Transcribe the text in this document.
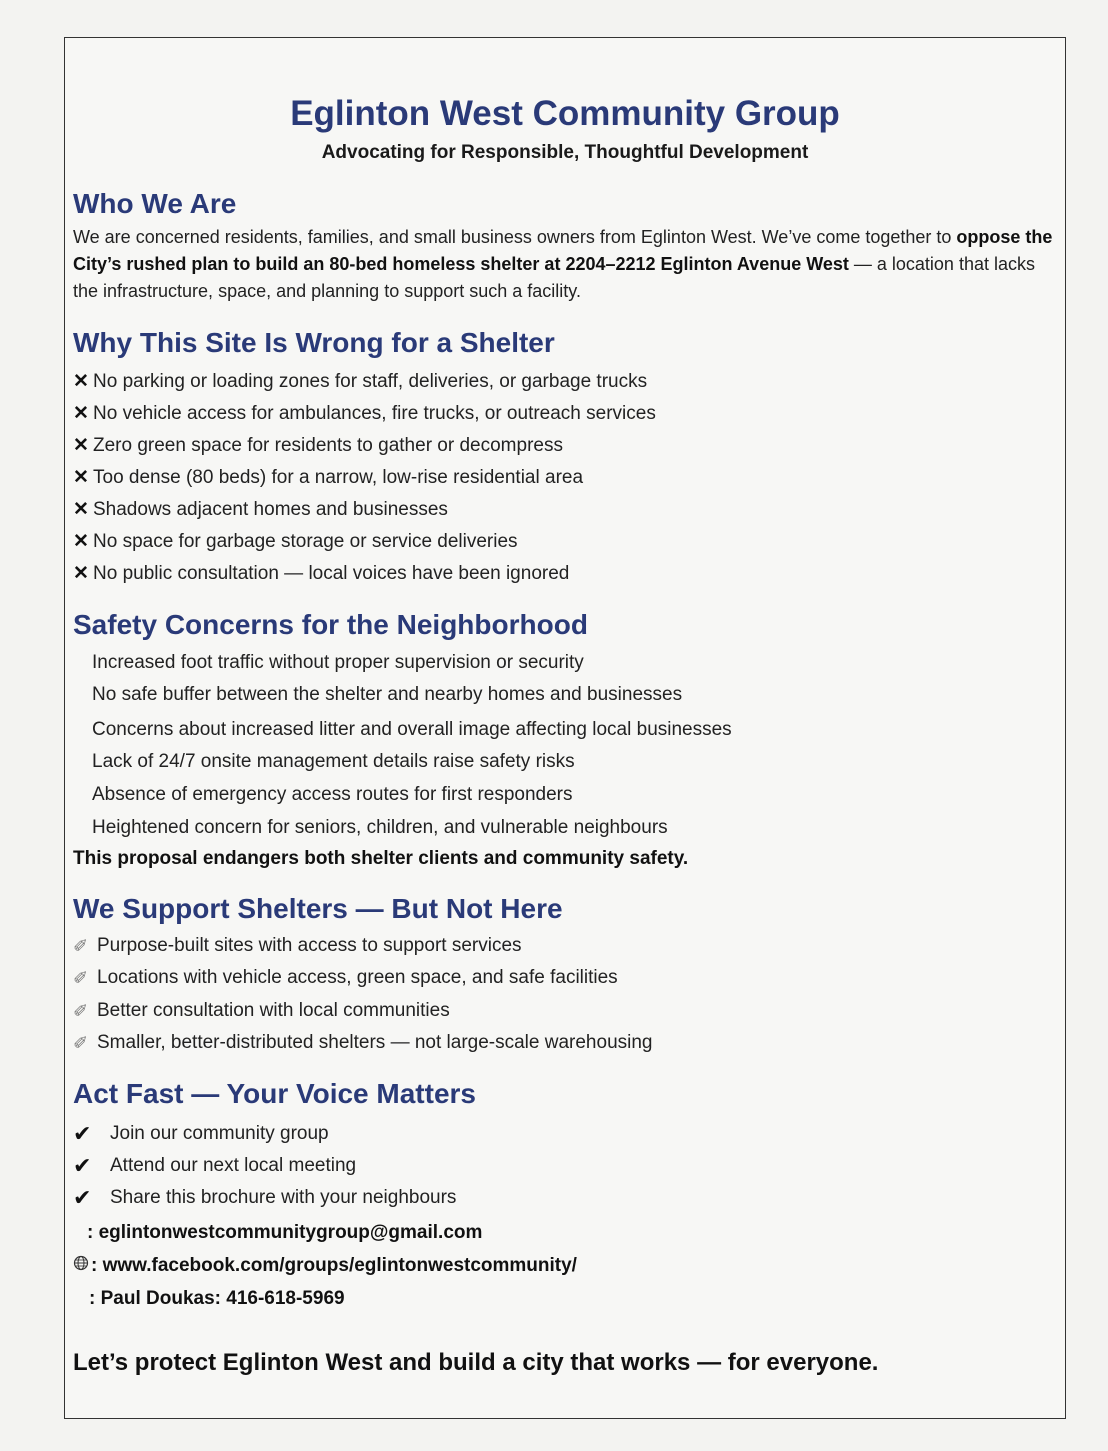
Eglinton West Community Group
Advocating for Responsible, Thoughtful Development
Who We Are
We are concerned residents, families, and small business owners from Eglinton West. We’ve come together to oppose the City’s rushed plan to build an 80-bed homeless shelter at 2204–2212 Eglinton Avenue West — a location that lacks the infrastructure, space, and planning to support such a facility.
Why This Site Is Wrong for a Shelter
✕ No parking or loading zones for staff, deliveries, or garbage trucks
✕ No vehicle access for ambulances, fire trucks, or outreach services
✕ Zero green space for residents to gather or decompress
✕ Too dense (80 beds) for a narrow, low-rise residential area
✕ Shadows adjacent homes and businesses
✕ No space for garbage storage or service deliveries
✕ No public consultation — local voices have been ignored
Safety Concerns for the Neighborhood
Increased foot traffic without proper supervision or security
No safe buffer between the shelter and nearby homes and businesses
Concerns about increased litter and overall image affecting local businesses
Lack of 24/7 onsite management details raise safety risks
Absence of emergency access routes for first responders
Heightened concern for seniors, children, and vulnerable neighbours
This proposal endangers both shelter clients and community safety.
We Support Shelters — But Not Here
✐ Purpose-built sites with access to support services
✐ Locations with vehicle access, green space, and safe facilities
✐ Better consultation with local communities
✐ Smaller, better-distributed shelters — not large-scale warehousing
Act Fast — Your Voice Matters
✔ Join our community group
✔ Attend our next local meeting
✔ Share this brochure with your neighbours
: eglintonwestcommunitygroup@gmail.com
: www.facebook.com/groups/eglintonwestcommunity/
: Paul Doukas: 416-618-5969
Let’s protect Eglinton West and build a city that works — for everyone.
